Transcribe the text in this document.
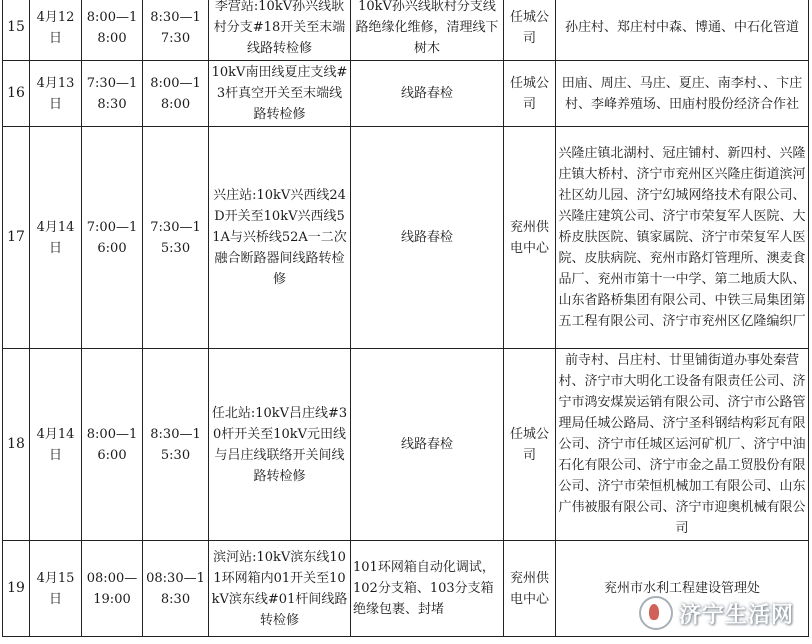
15	4月12日	8:00—18:00	8:30—17:30	李营站:10kV孙兴线耿村分支#18开关至末端线路转检修	10kV孙兴线耿村分支线路绝缘化维修，清理线下树木	任城公司	孙庄村、郑庄村中森、博通、中石化管道
16	4月13日	7:30—18:30	8:00—18:00	10kV南田线夏庄支线#3杆真空开关至末端线路转检修	线路春检	任城公司	田庙、周庄、马庄、夏庄、南李村、、卞庄村、李峰养殖场、田庙村股份经济合作社
17	4月14日	7:00—16:00	7:30—15:30	兴庄站:10kV兴西线24D开关至10kV兴西线51A与兴桥线52A一二次融合断路器间线路转检修	线路春检	兖州供电中心	兴隆庄镇北湖村、冠庄铺村、新四村、兴隆庄镇大桥村、济宁市兖州区兴隆庄街道滨河社区幼儿园、济宁幻城网络技术有限公司、兴隆庄建筑公司、济宁市荣复军人医院、大桥皮肤医院、镇家属院、济宁市荣复军人医院、皮肤病院、兖州市路灯管理所、澳麦食品厂、兖州市第十一中学、第二地质大队、山东省路桥集团有限公司、中铁三局集团第五工程有限公司、济宁市兖州区亿隆编织厂
18	4月14日	8:00—16:00	8:30—15:30	任北站:10kV吕庄线#30杆开关至10kV元田线与吕庄线联络开关间线路转检修	线路春检	任城公司	前寺村、吕庄村、廿里铺街道办事处秦营村、济宁市大明化工设备有限责任公司、济宁市鸿安煤炭运销有限公司、济宁市公路管理局任城公路局、济宁圣科钢结构彩瓦有限公司、济宁市任城区运河矿机厂、济宁中油石化有限公司、济宁市金之晶工贸股份有限公司、济宁市荣恒机械加工有限公司、山东广伟被服有限公司、济宁市迎奥机械有限公司
19	4月15日	08:00—19:00	08:30—18:30	滨河站:10kV滨东线101环网箱内01开关至10kV滨东线#01杆间线路转检修	101环网箱自动化调试，102分支箱、103分支箱绝缘包裹、封堵	兖州供电中心	兖州市水利工程建设管理处
济宁生活网
